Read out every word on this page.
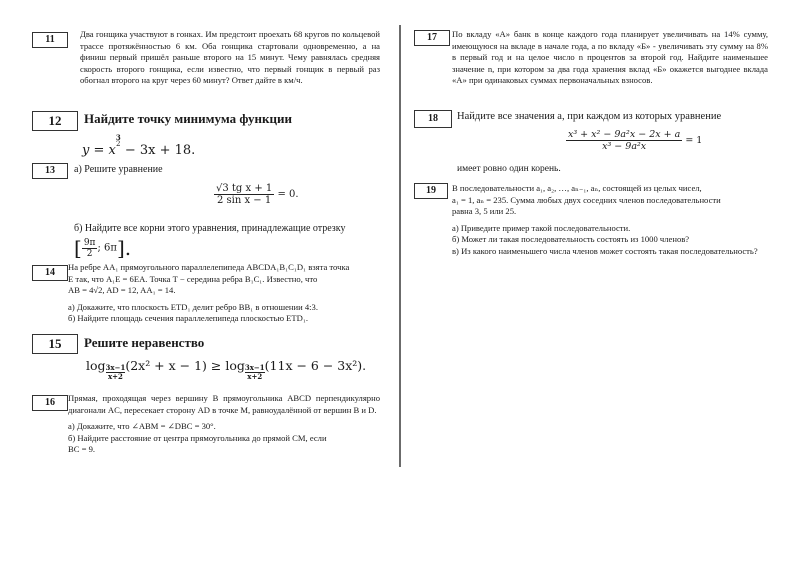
11	Два гонщика участвуют в гонках. Им предстоит проехать 68 кругов по кольцевой трассе протяжённостью 6 км. Оба гонщика стартовали одновременно, а на финиш первый пришёл раньше второго на 15 минут. Чему равнялась средняя скорость второго гонщика, если известно, что первый гонщик в первый раз обогнал второго на круг через 60 минут? Ответ дайте в км/ч.

12	Найдите точку минимума функции
y = x
$^{3 2}$ − 3x + 18.
13	а) Решите уравнение
$\frac{\text{√3 tg x + 1}}{\text{2 sin x − 1}} = 0$.
б) Найдите все корни этого уравнения, принадлежащие отрезку
[ $\frac{9\pi}{2}$ ; 6π].
14	На ребре AA₁ прямоугольного параллелепипеда ABCDA₁B₁C₁D₁ взята точка

E так, что A₁E = 6EA. Точка T − середина ребра B₁C₁. Известно, что

AB = 4√2, AD = 12, AA₁ = 14.

а) Докажите, что плоскость ETD₁ делит ребро BB₁ в отношении 4:3.

б) Найдите площадь сечения параллелепипеда плоскостью ETD₁.

15	Решите неравенство
$\log \frac{3x-1}{x+2}(2x^2 + x - 1) \ge \log \frac{3x-1}{x+2}(11x - 6 - 3x^2)$.
16	Прямая, проходящая через вершину B прямоугольника ABCD перпендикулярно диагонали AC, пересекает сторону AD в точке M, равноудалённой от вершин B и D.

а) Докажите, что ∠ABM = ∠DBC = 30°.

б) Найдите расстояние от центра прямоугольника до прямой CM, если

BC = 9.

17	По вкладу «А» банк в конце каждого года планирует увеличивать на 14% сумму, имеющуюся на вкладе в начале года, а по вкладу «Б» - увеличивать эту сумму на 8% в первый год и на целое число n процентов за второй год. Найдите наименьшее значение n, при котором за два года хранения вклад «Б» окажется выгоднее вклада «А» при одинаковых суммах первоначальных взносов.

18	Найдите все значения a, при каждом из которых уравнение
$\frac{\text{x³ + x² − 9a²x − 2x + a}}{\text{x³ − 9a²x}} = 1$
имеет ровно один корень.
19	В последовательности a₁, a₂, …, aₙ₋₁, aₙ, состоящей из целых чисел,

a₁ = 1, aₙ = 235. Сумма любых двух соседних членов последовательности

равна 3, 5 или 25.

а) Приведите пример такой последовательности.

б) Может ли такая последовательность состоять из 1000 членов?

в) Из какого наименьшего числа членов может состоять такая последовательность?
